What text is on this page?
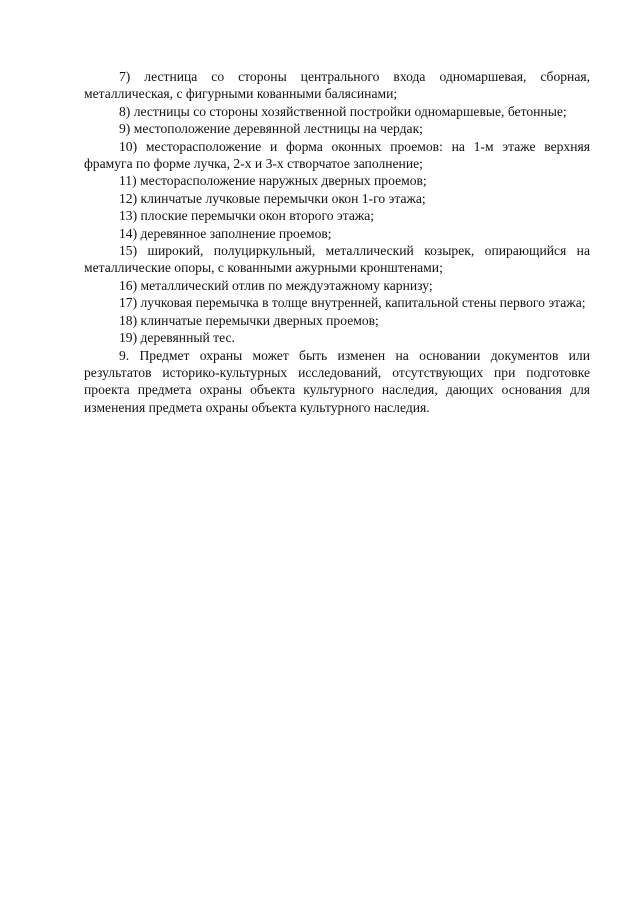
7) лестница со стороны центрального входа одномаршевая, сборная, металлическая, с фигурными кованными балясинами;

8) лестницы со стороны хозяйственной постройки одномаршевые, бетонные;

9) местоположение деревянной лестницы на чердак;

10) месторасположение и форма оконных проемов: на 1-м этаже верхняя фрамуга по форме лучка, 2-х и 3-х створчатое заполнение;

11) месторасположение наружных дверных проемов;

12) клинчатые лучковые перемычки окон 1-го этажа;

13) плоские перемычки окон второго этажа;

14) деревянное заполнение проемов;

15) широкий, полуциркульный, металлический козырек, опирающийся на металлические опоры, с кованными ажурными кронштенами;

16) металлический отлив по междуэтажному карнизу;

17) лучковая перемычка в толще внутренней, капитальной стены первого этажа;

18) клинчатые перемычки дверных проемов;

19) деревянный тес.

9. Предмет охраны может быть изменен на основании документов или результатов историко-культурных исследований, отсутствующих при подготовке проекта предмета охраны объекта культурного наследия, дающих основания для изменения предмета охраны объекта культурного наследия.
